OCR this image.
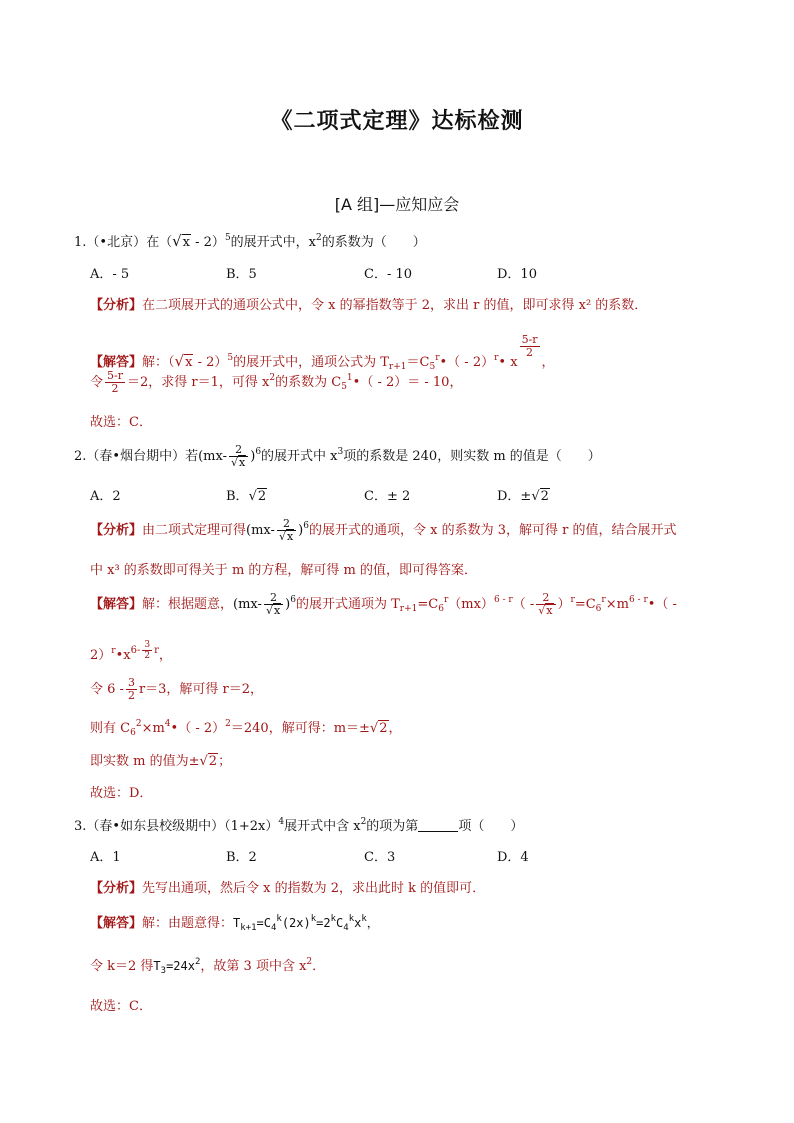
《二项式定理》达标检测
[A 组]—应知应会
1.（•北京）在（√x - 2）$^5$的展开式中，$x^2$的系数为（　　）
A．- 5	B．5	C．- 10	D．10
【分析】在二项展开式的通项公式中，令 x 的幂指数等于 2，求出 r 的值，即可求得 x² 的系数．
【解答】解：（√x - 2）$^5$的展开式中，通项公式为 $T_{r+1}=C_5^r•$（ - 2）$^r$• x
$\frac{5-r}{2}$
，
令 $\frac{5-r}{2} =2$，求得 r＝1，可得 $x^2$的系数为 $C_5^1•( - 2)= - 10$，
故选：C．
2.（春•烟台期中）若$(mx- \frac{2}{√x} )^6$的展开式中 $x^3$项的系数是 240，则实数 m 的值是（　　）
A．2	B．√2	C．± 2	D．±√2
【分析】由二项式定理可得$(mx- \frac{2}{√x} )^6$的展开式的通项，令 x 的系数为 3，解可得 r 的值，结合展开式
中 x³ 的系数即可得关于 m 的方程，解可得 m 的值，即可得答案．
【解答】解：根据题意，$(mx- \frac{2}{√x} )^6$的展开式通项为 $T_{r+1}=C_6^r(mx)^{6 - r}( - \frac{2}{√x}$ ）$^r=C_6^r\times m^{6 - r}•$（ -
$2)^r•x^{6- \frac{3}{2} r}$，
令 $6 - \frac{3}{2} r=3$，解可得 r＝2，
则有 $C_6^2\times m^4•( - 2)^2=240$，解可得：m＝±√2，
即实数 m 的值为±√2；
故选：D．
3.（春•如东县校级期中）$(1+2x)^4$展开式中含 $x^2$的项为第	项（　　）
A．1	B．2	C．3	D．4
【分析】先写出通项，然后令 x 的指数为 2，求出此时 k 的值即可．
【解答】解：由题意得：$T_{k+1}=C_4^k(2x)^k=2^kC_4^kx^k$，
令 k＝2 得$T_3=24x^2$，故第 3 项中含 $x^2$．
故选：C．
